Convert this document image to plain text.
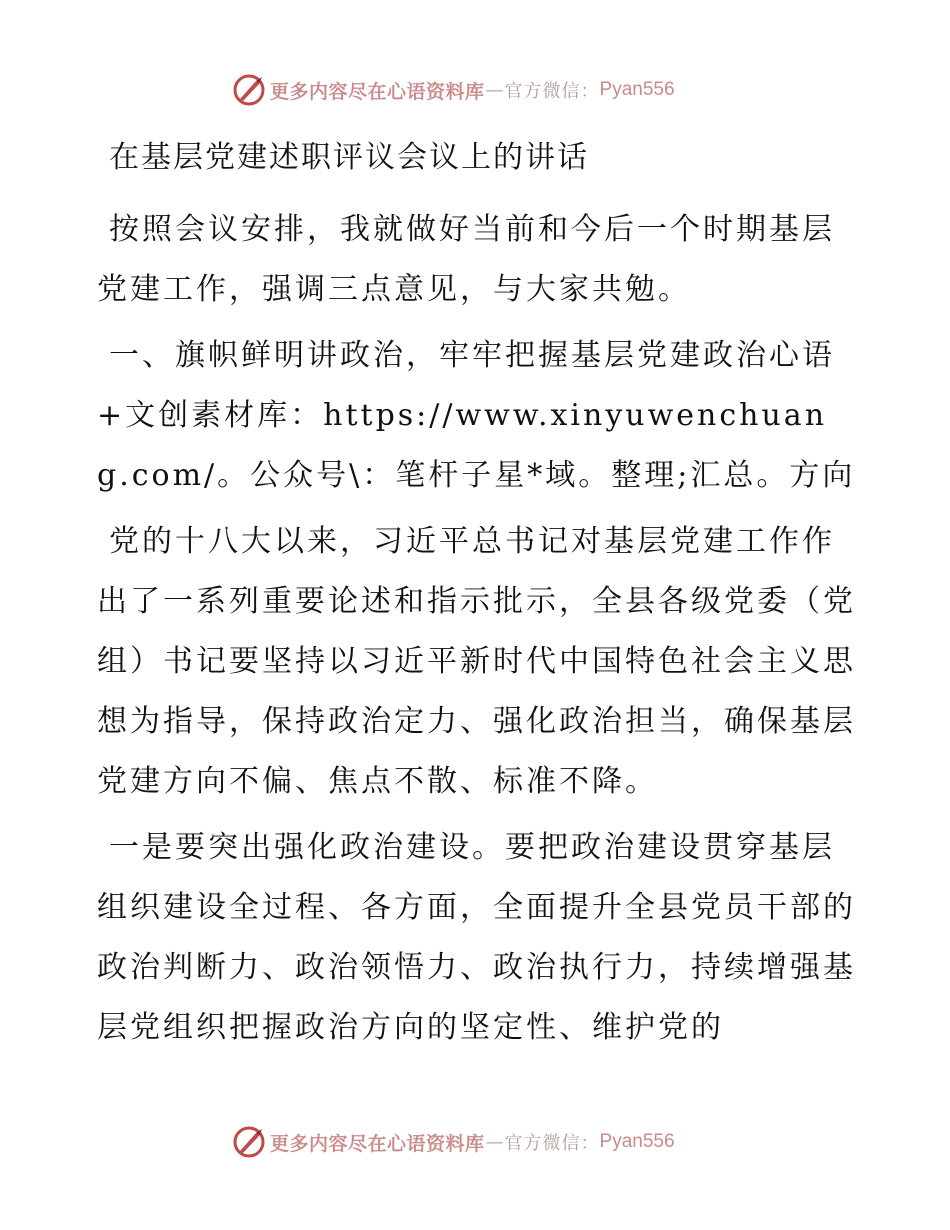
更多内容尽在心语资料库 — 官方微信： Pyan556

在基层党建述职评议会议上的讲话

按照会议安排，我就做好当前和今后一个时期基层党建工作，强调三点意见，与大家共勉。

一、旗帜鲜明讲政治，牢牢把握基层党建政治心语+文创素材库：https://www.xinyuwenchuang.com/。公众号\：笔杆子星*域。整理;汇总。方向

党的十八大以来，习近平总书记对基层党建工作作出了一系列重要论述和指示批示，全县各级党委（党组）书记要坚持以习近平新时代中国特色社会主义思想为指导，保持政治定力、强化政治担当，确保基层党建方向不偏、焦点不散、标准不降。

一是要突出强化政治建设。要把政治建设贯穿基层组织建设全过程、各方面，全面提升全县党员干部的政治判断力、政治领悟力、政治执行力，持续增强基层党组织把握政治方向的坚定性、维护党的

更多内容尽在心语资料库 — 官方微信： Pyan556
